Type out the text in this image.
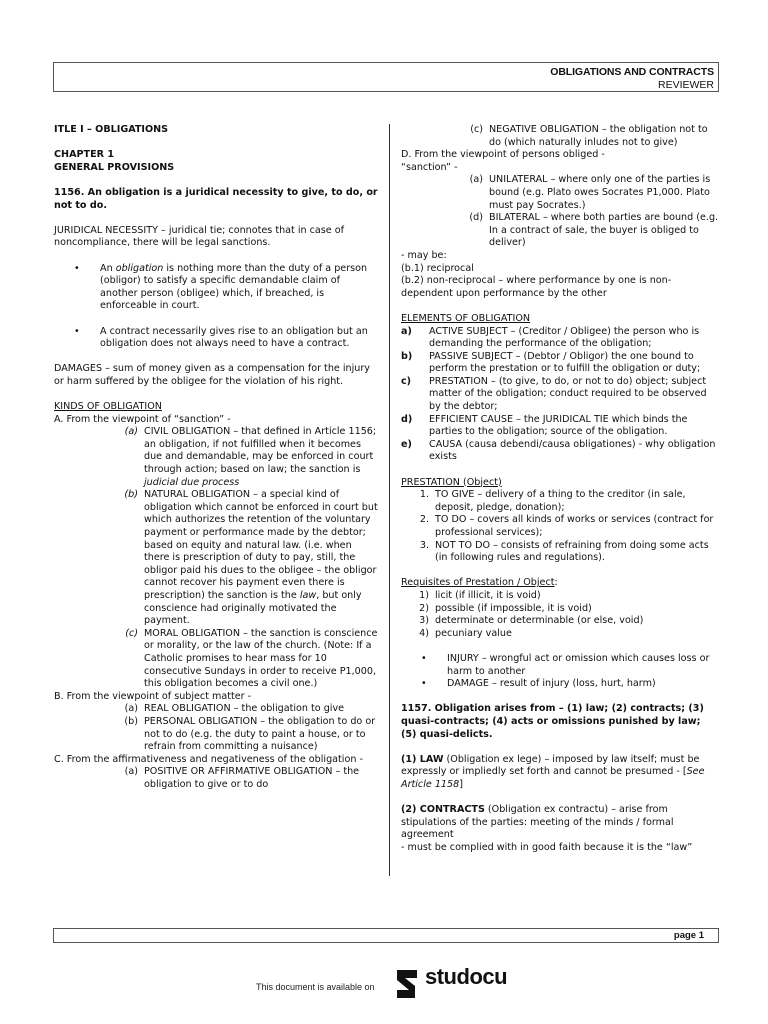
OBLIGATIONS AND CONTRACTS
REVIEWER

ITLE I – OBLIGATIONS

CHAPTER 1

GENERAL PROVISIONS

1156. An obligation is a juridical necessity to give, to do, or not to do.

JURIDICAL NECESSITY – juridical tie; connotes that in case of noncompliance, there will be legal sanctions.

•	An obligation is nothing more than the duty of a person (obligor) to satisfy a specific demandable claim of another person (obligee) which, if breached, is enforceable in court.
•	A contract necessarily gives rise to an obligation but an obligation does not always need to have a contract.

DAMAGES – sum of money given as a compensation for the injury or harm suffered by the obligee for the violation of his right.

KINDS OF OBLIGATION

A. From the viewpoint of “sanction” -

(a) CIVIL OBLIGATION – that defined in Article 1156; an obligation, if not fulfilled when it becomes due and demandable, may be enforced in court through action; based on law; the sanction is judicial due process
(b) NATURAL OBLIGATION – a special kind of obligation which cannot be enforced in court but which authorizes the retention of the voluntary payment or performance made by the debtor; based on equity and natural law. (i.e. when there is prescription of duty to pay, still, the obligor paid his dues to the obligee – the obligor cannot recover his payment even there is prescription) the sanction is the law, but only conscience had originally motivated the payment.
(c) MORAL OBLIGATION – the sanction is conscience or morality, or the law of the church. (Note: If a Catholic promises to hear mass for 10 consecutive Sundays in order to receive P1,000, this obligation becomes a civil one.)

B. From the viewpoint of subject matter -

(a) REAL OBLIGATION – the obligation to give
(b) PERSONAL OBLIGATION – the obligation to do or not to do (e.g. the duty to paint a house, or to refrain from committing a nuisance)

C. From the affirmativeness and negativeness of the obligation -

(a) POSITIVE OR AFFIRMATIVE OBLIGATION – the obligation to give or to do
(c) NEGATIVE OBLIGATION – the obligation not to do (which naturally inludes not to give)

D. From the viewpoint of persons obliged -

“sanction” -

(a) UNILATERAL – where only one of the parties is bound (e.g. Plato owes Socrates P1,000. Plato must pay Socrates.)
(d) BILATERAL – where both parties are bound (e.g. In a contract of sale, the buyer is obliged to deliver)

- may be:

(b.1) reciprocal

(b.2) non-reciprocal – where performance by one is non-dependent upon performance by the other

ELEMENTS OF OBLIGATION

a)	ACTIVE SUBJECT – (Creditor / Obligee) the person who is demanding the performance of the obligation;
b)	PASSIVE SUBJECT – (Debtor / Obligor) the one bound to perform the prestation or to fulfill the obligation or duty;
c)	PRESTATION – (to give, to do, or not to do) object; subject matter of the obligation; conduct required to be observed by the debtor;
d)	EFFICIENT CAUSE – the JURIDICAL TIE which binds the parties to the obligation; source of the obligation.
e)	CAUSA (causa debendi/causa obligationes) - why obligation exists

PRESTATION (Object)

1. TO GIVE – delivery of a thing to the creditor (in sale, deposit, pledge, donation);
2. TO DO – covers all kinds of works or services (contract for professional services);
3. NOT TO DO – consists of refraining from doing some acts (in following rules and regulations).

Requisites of Prestation / Object:

1) licit (if illicit, it is void)
2) possible (if impossible, it is void)
3) determinate or determinable (or else, void)
4) pecuniary value
•	INJURY – wrongful act or omission which causes loss or harm to another
•	DAMAGE – result of injury (loss, hurt, harm)

1157. Obligation arises from – (1) law; (2) contracts; (3) quasi-contracts; (4) acts or omissions punished by law; (5) quasi-delicts.

(1) LAW (Obligation ex lege) – imposed by law itself; must be expressly or impliedly set forth and cannot be presumed - [See Article 1158]

(2) CONTRACTS (Obligation ex contractu) – arise from stipulations of the parties: meeting of the minds / formal agreement

- must be complied with in good faith because it is the “law”

page 1
This document is available on studocu
